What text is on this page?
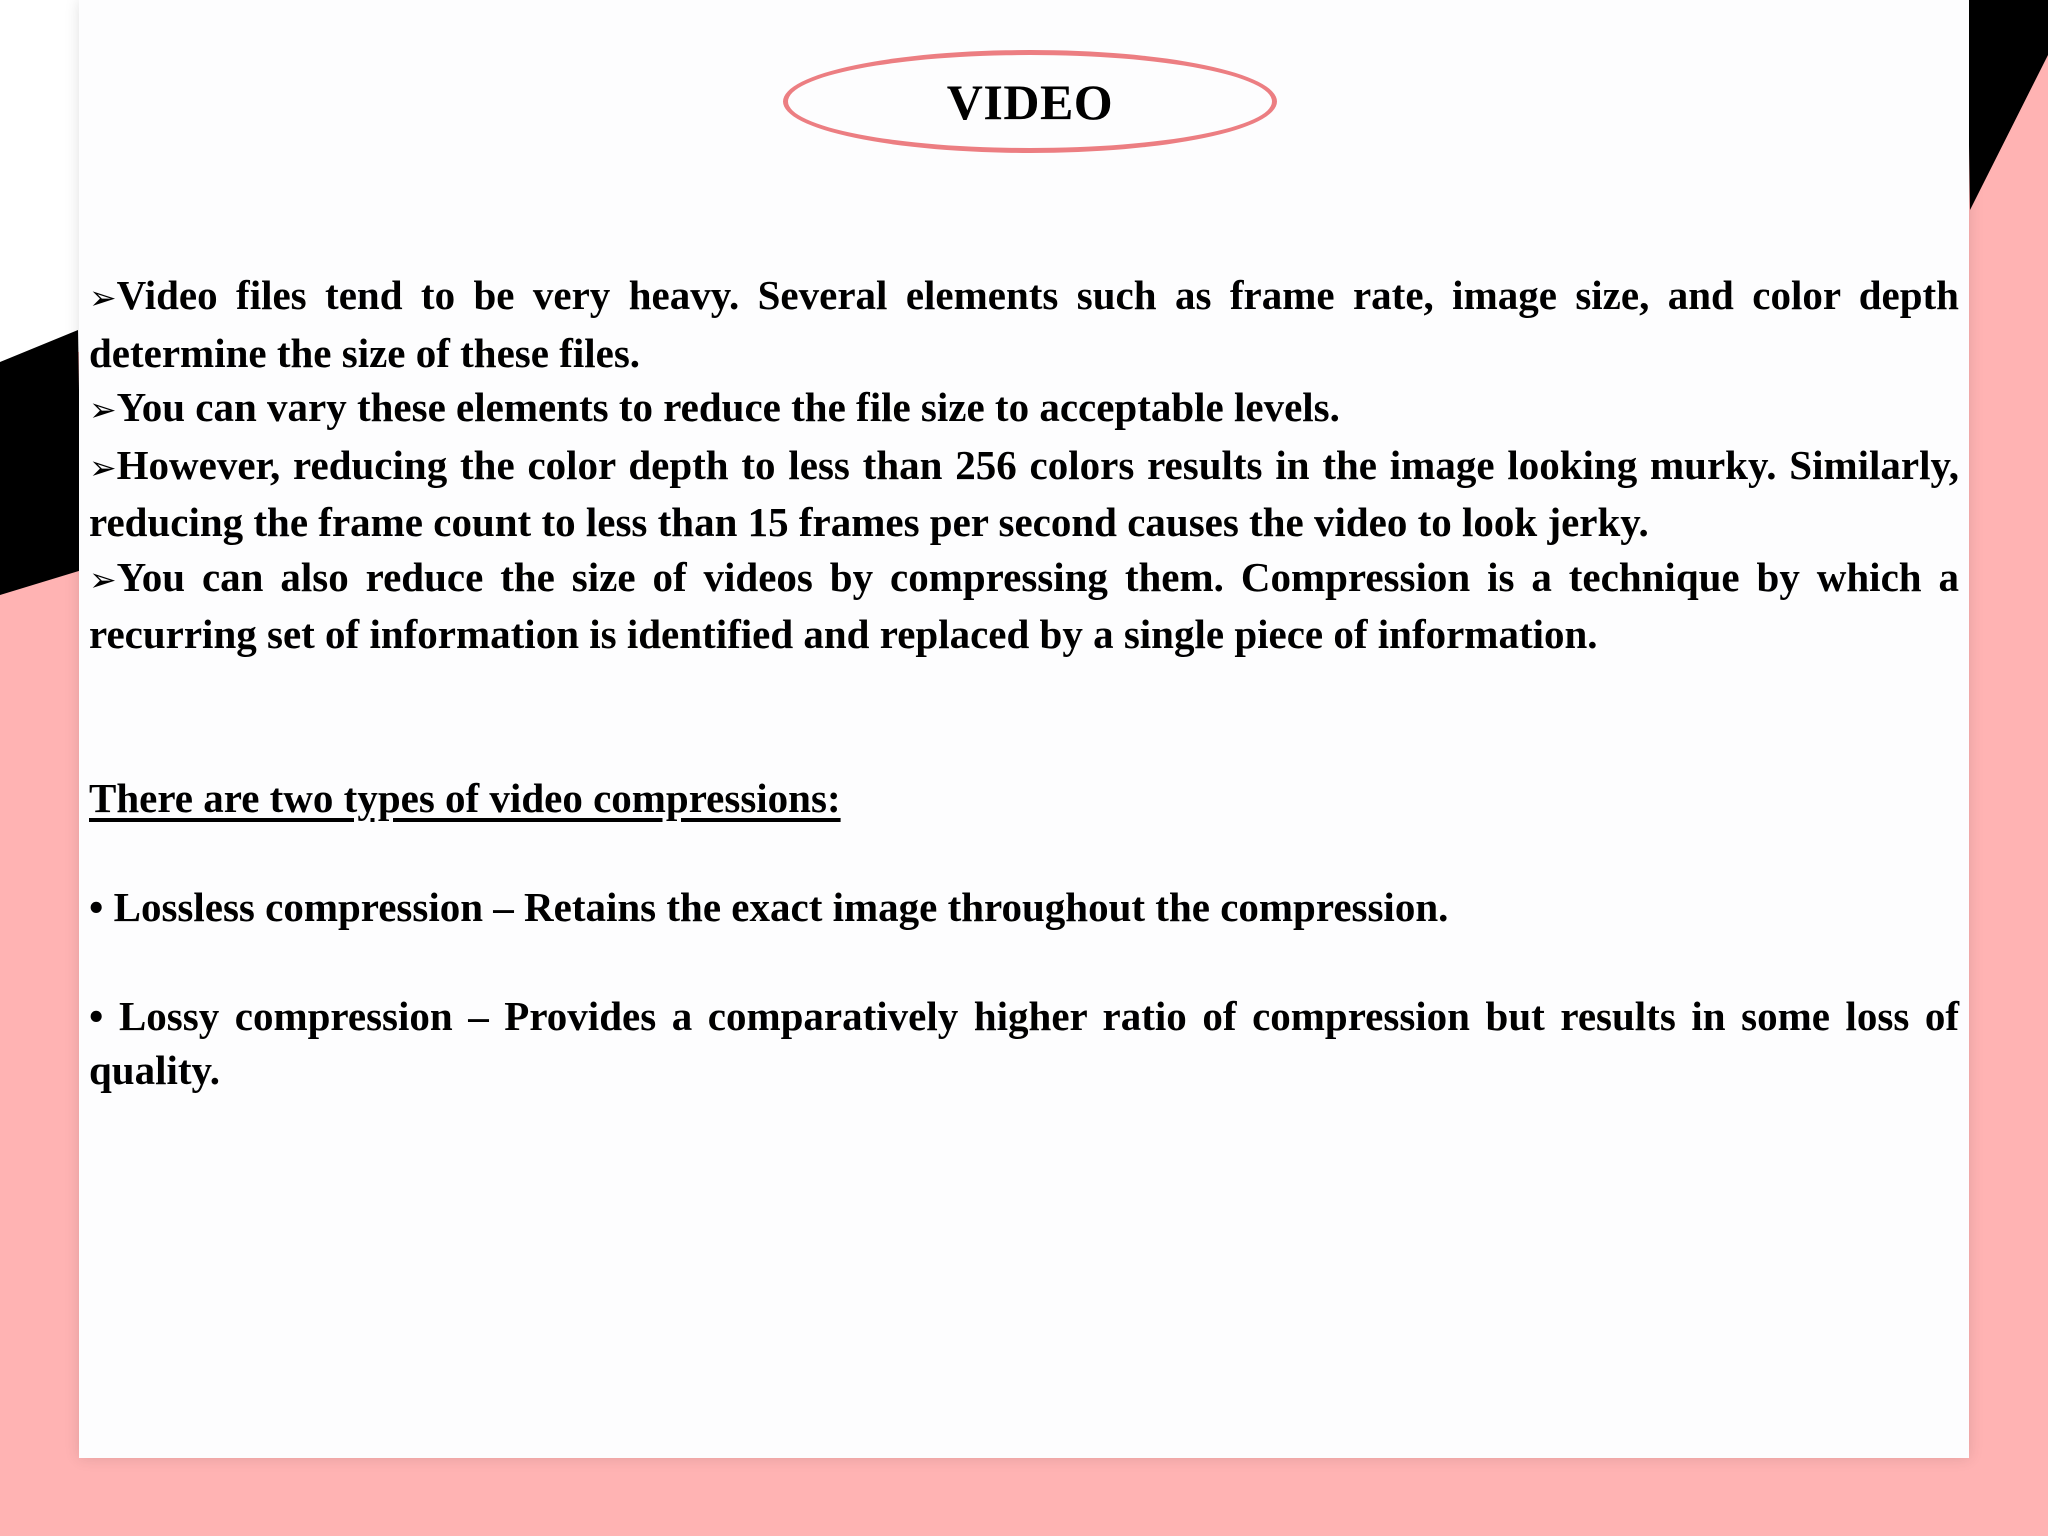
VIDEO

➢Video files tend to be very heavy. Several elements such as frame rate, image size, and color depth determine the size of these files.

➢You can vary these elements to reduce the file size to acceptable levels.

➢However, reducing the color depth to less than 256 colors results in the image looking murky. Similarly, reducing the frame count to less than 15 frames per second causes the video to look jerky.

➢You can also reduce the size of videos by compressing them. Compression is a technique by which a recurring set of information is identified and replaced by a single piece of information.

There are two types of video compressions:

• Lossless compression – Retains the exact image throughout the compression.

• Lossy compression – Provides a comparatively higher ratio of compression but results in some loss of quality.
